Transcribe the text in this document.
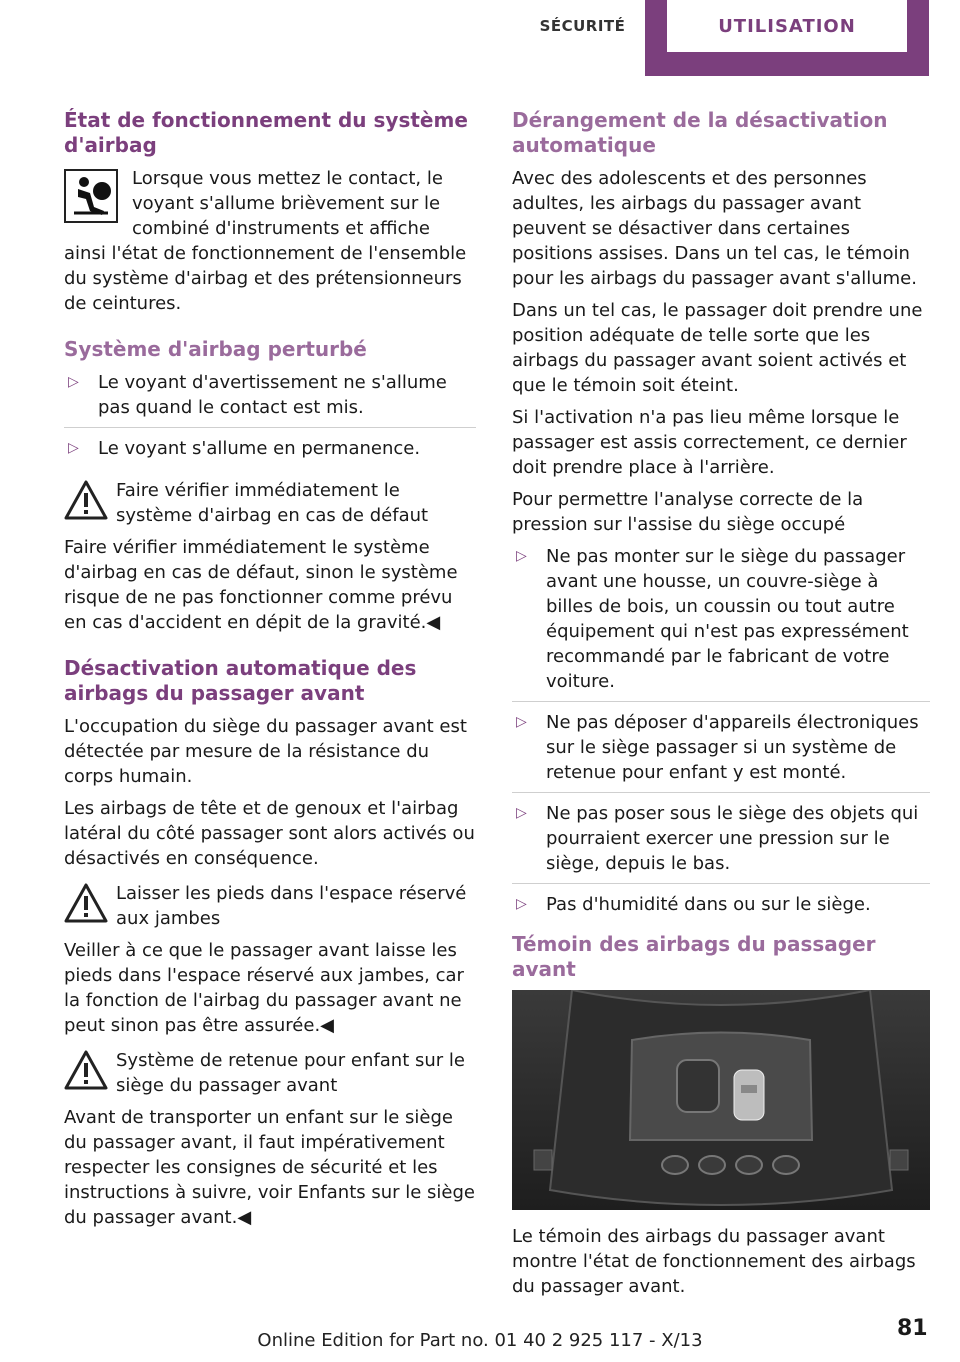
SÉCURITÉ	UTILISATION
État de fonctionnement du système d'airbag

Lorsque vous mettez le contact, le voyant s'allume brièvement sur le combiné d'instruments et affiche ainsi l'état de fonctionnement de l'ensemble du système d'airbag et des prétensionneurs de ceintures.

Système d'airbag perturbé
▷ Le voyant d'avertissement ne s'allume pas quand le contact est mis.
▷ Le voyant s'allume en permanence.

Faire vérifier immédiatement le système d'airbag en cas de défaut

Faire vérifier immédiatement le système d'airbag en cas de défaut, sinon le système risque de ne pas fonctionner comme prévu en cas d'accident en dépit de la gravité.◀

Désactivation automatique des airbags du passager avant

L'occupation du siège du passager avant est détectée par mesure de la résistance du corps humain.

Les airbags de tête et de genoux et l'airbag latéral du côté passager sont alors activés ou désactivés en conséquence.

Laisser les pieds dans l'espace réservé aux jambes

Veiller à ce que le passager avant laisse les pieds dans l'espace réservé aux jambes, car la fonction de l'airbag du passager avant ne peut sinon pas être assurée.◀

Système de retenue pour enfant sur le siège du passager avant

Avant de transporter un enfant sur le siège du passager avant, il faut impérativement respecter les consignes de sécurité et les instructions à suivre, voir Enfants sur le siège du passager avant.◀

Dérangement de la désactivation automatique

Avec des adolescents et des personnes adultes, les airbags du passager avant peuvent se désactiver dans certaines positions assises. Dans un tel cas, le témoin pour les airbags du passager avant s'allume.

Dans un tel cas, le passager doit prendre une position adéquate de telle sorte que les airbags du passager avant soient activés et que le témoin soit éteint.

Si l'activation n'a pas lieu même lorsque le passager est assis correctement, ce dernier doit prendre place à l'arrière.

Pour permettre l'analyse correcte de la pression sur l'assise du siège occupé

▷ Ne pas monter sur le siège du passager avant une housse, un couvre-siège à billes de bois, un coussin ou tout autre équipement qui n'est pas expressément recommandé par le fabricant de votre voiture.
▷ Ne pas déposer d'appareils électroniques sur le siège passager si un système de retenue pour enfant y est monté.
▷ Ne pas poser sous le siège des objets qui pourraient exercer une pression sur le siège, depuis le bas.
▷ Pas d'humidité dans ou sur le siège.
Témoin des airbags du passager avant

Le témoin des airbags du passager avant montre l'état de fonctionnement des airbags du passager avant.

Online Edition for Part no. 01 40 2 925 117 - X/13	81
